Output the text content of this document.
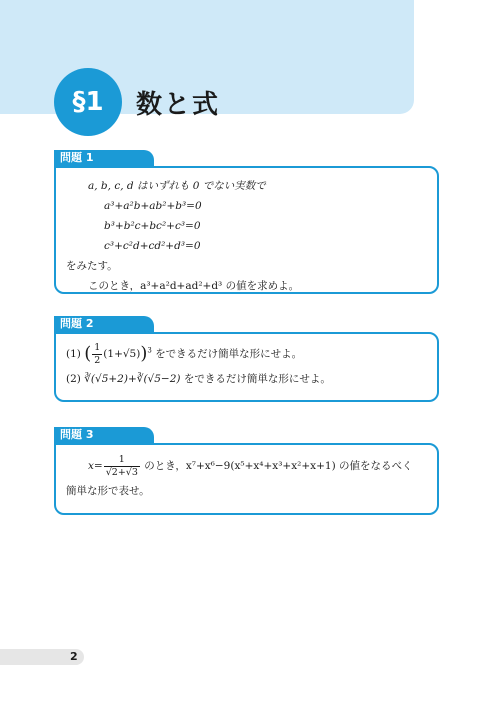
§1	数と式
問題 1
a, b, c, d はいずれも 0 でない実数で
a³+a²b+ab²+b³=0
b³+b²c+bc²+c³=0
c³+c²d+cd²+d³=0
をみたす。
このとき，a³+a²d+ad²+d³ の値を求めよ。
問題 2
(1) ( $\frac{1}{2} (1+√5))^3$ をできるだけ簡単な形にせよ。
(2) ∛(√5+2)+∛(√5−2) をできるだけ簡単な形にせよ。
問題 3
$x= \frac{1}{√2+√3}$ のとき，x⁷+x⁶−9(x⁵+x⁴+x³+x²+x+1) の値をなるべく
簡単な形で表せ。
2
